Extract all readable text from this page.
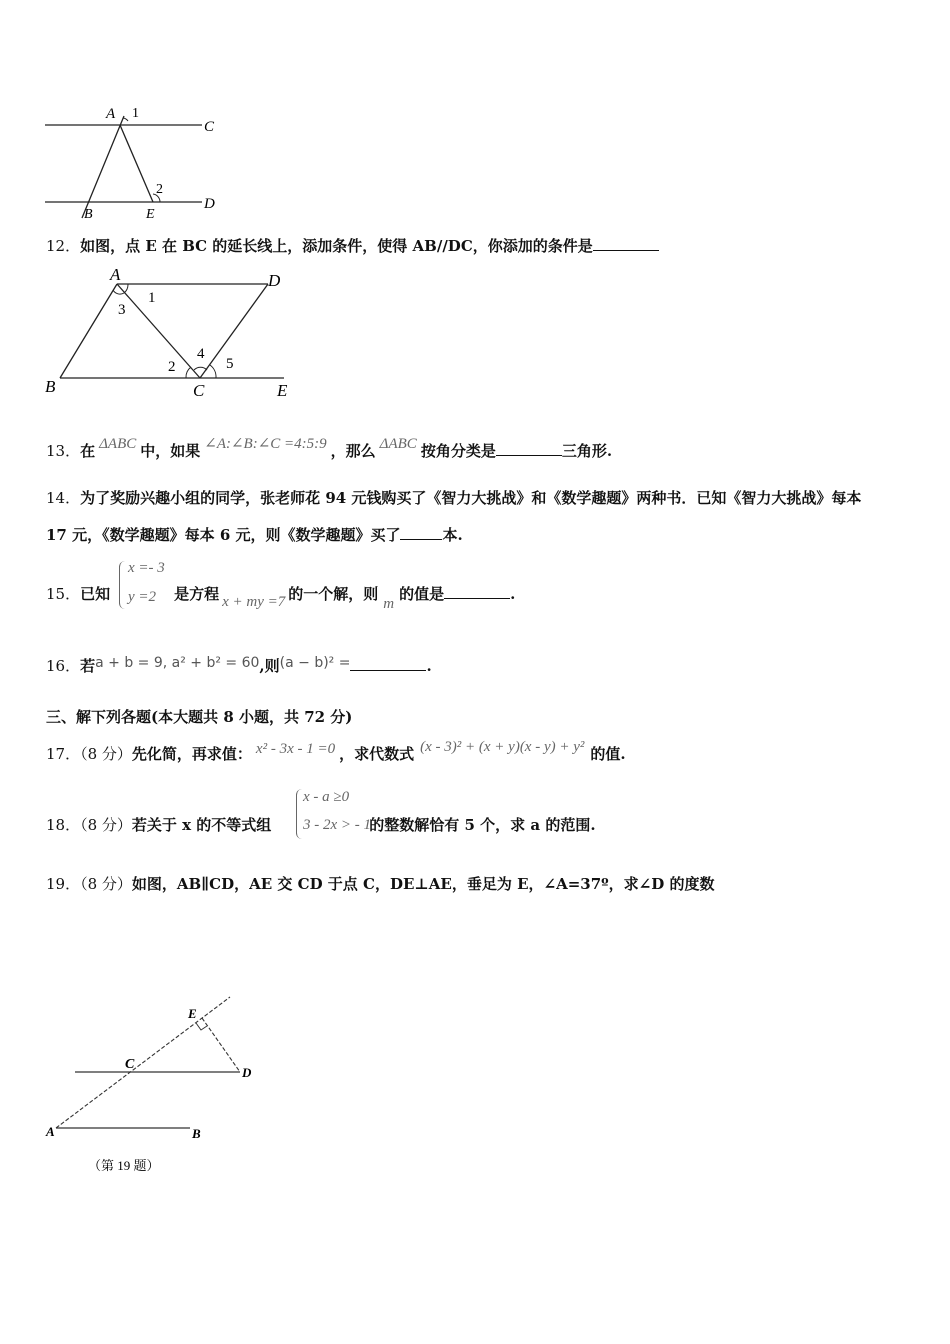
A 1
C
2
D
B	E
12．如图，点 E 在 BC 的延长线上，添加条件，使得 AB//DC，你添加的条件是
A	D
1
3
2
4
5
B	C	E
13．在 ΔABC 中，如果 ∠A:∠B:∠C =4:5:9 ，那么 ΔABC 按角分类是	三角形.
14．为了奖励兴趣小组的同学，张老师花 94 元钱购买了《智力大挑战》和《数学趣题》两种书．已知《智力大挑战》每本
17 元，《数学趣题》每本 6 元，则《数学趣题》买了	本.
x =- 3
y =2
15．已知	是方程 x + my =7 的一个解，则m的值是	.
16．若a + b = 9, a² + b² = 60,则(a − b)² =	.
三、解下列各题(本大题共 8 小题，共 72 分)
17．（8 分）先化简，再求值： x² - 3x - 1 =0 ，求代数式 (x - 3)² + (x + y)(x - y) + y² 的值.
x - a ≥0
3 - 2x > - 1
18．（8 分）若关于 x 的不等式组	的整数解恰有 5 个，求 a 的范围.
19．（8 分）如图，AB∥CD，AE 交 CD 于点 C，DE⊥AE，垂足为 E，∠A=37º，求∠D 的度数
E
C
D
A	B
（第 19 题）
